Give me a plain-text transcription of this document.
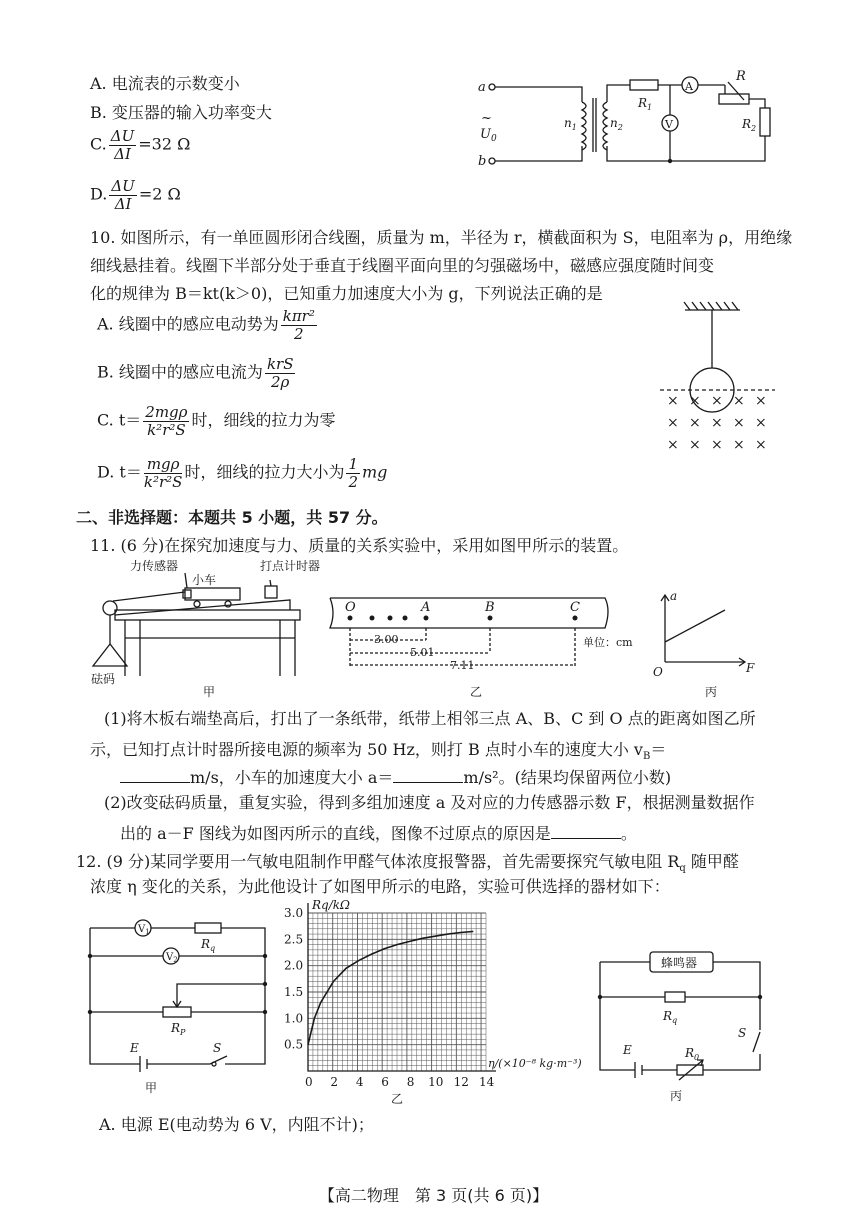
A. 电流表的示数变小
B. 变压器的输入功率变大
C. $\frac{\Delta U}{\Delta I} =32$ Ω
D. $\frac{\Delta U}{\Delta I} =2$ Ω
a
b
~
$U_0$
$n_1$	$n_2$
$R_1$
A
V
R
$R_2$
10. 如图所示，有一单匝圆形闭合线圈，质量为 m，半径为 r，横截面积为 S，电阻率为 ρ，用绝缘
细线悬挂着。线圈下半部分处于垂直于线圈平面向里的匀强磁场中，磁感应强度随时间变
化的规律为 B＝kt(k＞0)，已知重力加速度大小为 g，下列说法正确的是
A. 线圈中的感应电动势为 $\frac{\text{kπr²}}{2}$
B. 线圈中的感应电流为 $\frac{\text{krS}}{2\rho}$
C. $t= \frac{\text{2mgρ}}{\text{k²r²S}}$ 时，细线的拉力为零
D. $t= \frac{\text{mgρ}}{\text{k²r²S}}$ 时，细线的拉力大小为 $\frac{1}{2}$ mg
× × × × ×
× × × × ×
× × × × ×
二、非选择题：本题共 5 小题，共 57 分。
11. (6 分)在探究加速度与力、质量的关系实验中，采用如图甲所示的装置。
力传感器
小车
打点计时器
砝码
甲
O	A	B	C
3.00
5.01
7.11
单位：cm
乙
a
F
O
丙
(1)将木板右端垫高后，打出了一条纸带，纸带上相邻三点 A、B、C 到 O 点的距离如图乙所
示，已知打点计时器所接电源的频率为 50 Hz，则打 B 点时小车的速度大小 $v_B=$
m/s，小车的加速度大小 a＝	m/s²。(结果均保留两位小数)
(2)改变砝码质量，重复实验，得到多组加速度 a 及对应的力传感器示数 F，根据测量数据作
出的 a－F 图线为如图丙所示的直线，图像不过原点的原因是	。
12. (9 分)某同学要用一气敏电阻制作甲醛气体浓度报警器，首先需要探究气敏电阻 $R_q$ 随甲醛
浓度 η 变化的关系，为此他设计了如图甲所示的电路，实验可供选择的器材如下：
$V_1$
$V_2$
$R_q$
$R_P$
E	S
甲	0 2 4 6 8 10 12 14
0.5
1.0
1.5
2.0
2.5
3.0
Rq/kΩ
η/(×10⁻⁸ kg·m⁻³)
乙
蜂鸣器
$R_q$
S
E	$R_0$
丙
A. 电源 E(电动势为 6 V，内阻不计)；
【高二物理　第 3 页(共 6 页)】
